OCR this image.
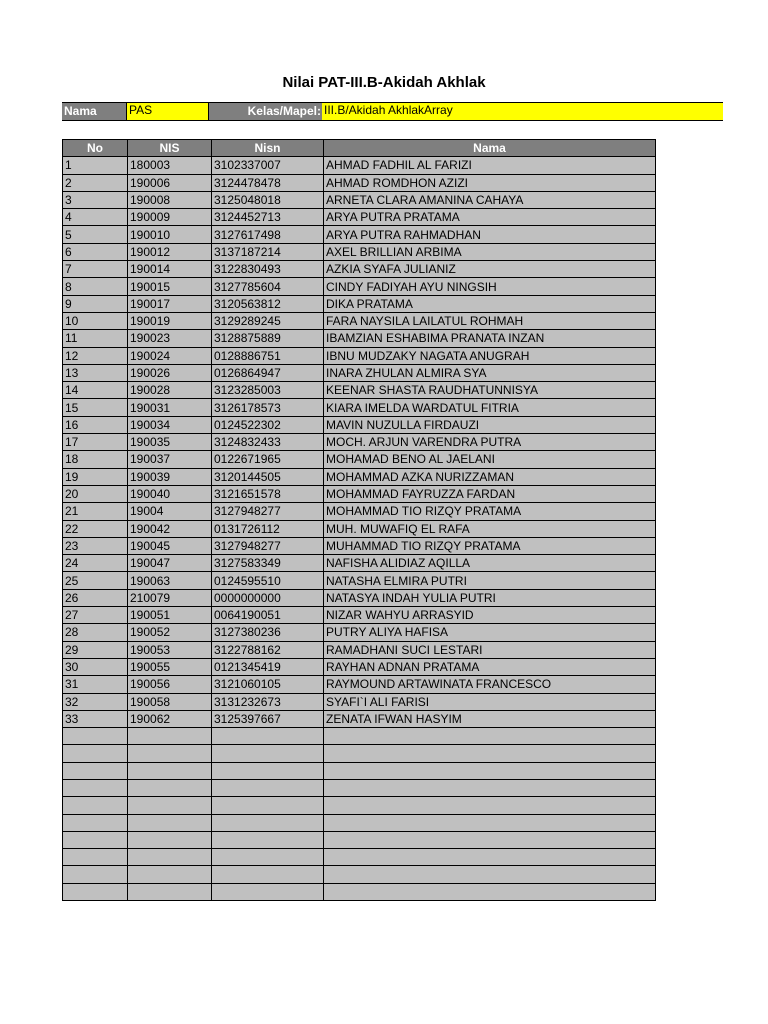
Nilai PAT-III.B-Akidah Akhlak
Nama	PAS	Kelas/Mapel: III.B/Akidah AkhlakArray
No	NIS	Nisn	Nama
1	180003	3102337007	AHMAD FADHIL AL FARIZI
2	190006	3124478478	AHMAD ROMDHON AZIZI
3	190008	3125048018	ARNETA CLARA AMANINA CAHAYA
4	190009	3124452713	ARYA PUTRA PRATAMA
5	190010	3127617498	ARYA PUTRA RAHMADHAN
6	190012	3137187214	AXEL BRILLIAN ARBIMA
7	190014	3122830493	AZKIA SYAFA JULIANIZ
8	190015	3127785604	CINDY FADIYAH AYU NINGSIH
9	190017	3120563812	DIKA PRATAMA
10	190019	3129289245	FARA NAYSILA LAILATUL ROHMAH
11	190023	3128875889	IBAMZIAN ESHABIMA PRANATA INZAN
12	190024	0128886751	IBNU MUDZAKY NAGATA ANUGRAH
13	190026	0126864947	INARA ZHULAN ALMIRA SYA
14	190028	3123285003	KEENAR SHASTA RAUDHATUNNISYA
15	190031	3126178573	KIARA IMELDA WARDATUL FITRIA
16	190034	0124522302	MAVIN NUZULLA FIRDAUZI
17	190035	3124832433	MOCH. ARJUN VARENDRA PUTRA
18	190037	0122671965	MOHAMAD BENO AL JAELANI
19	190039	3120144505	MOHAMMAD AZKA NURIZZAMAN
20	190040	3121651578	MOHAMMAD FAYRUZZA FARDAN
21	19004	3127948277	MOHAMMAD TIO RIZQY PRATAMA
22	190042	0131726112	MUH. MUWAFIQ EL RAFA
23	190045	3127948277	MUHAMMAD TIO RIZQY PRATAMA
24	190047	3127583349	NAFISHA ALIDIAZ AQILLA
25	190063	0124595510	NATASHA ELMIRA PUTRI
26	210079	0000000000	NATASYA INDAH YULIA PUTRI
27	190051	0064190051	NIZAR WAHYU ARRASYID
28	190052	3127380236	PUTRY ALIYA HAFISA
29	190053	3122788162	RAMADHANI SUCI LESTARI
30	190055	0121345419	RAYHAN ADNAN PRATAMA
31	190056	3121060105	RAYMOUND ARTAWINATA FRANCESCO
32	190058	3131232673	SYAFI`I ALI FARISI
33	190062	3125397667	ZENATA IFWAN HASYIM
